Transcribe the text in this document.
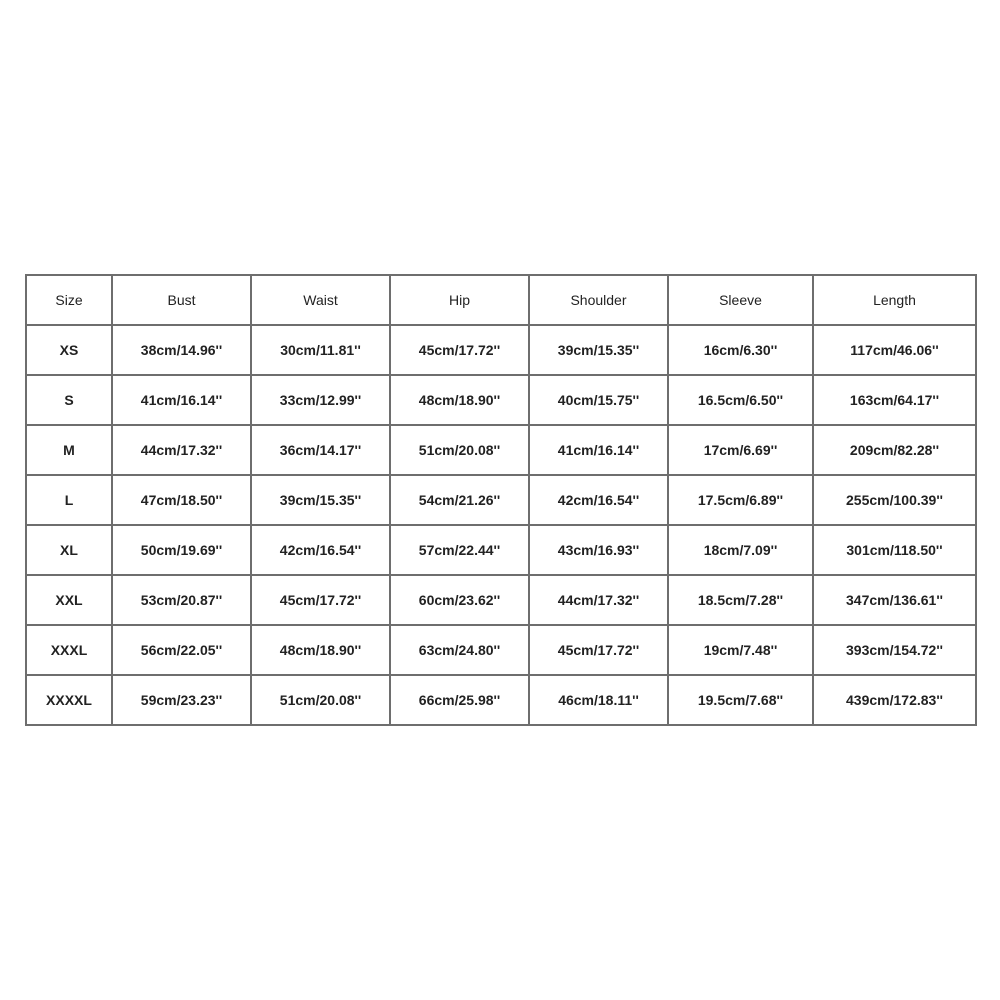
Size	Bust	Waist	Hip	Shoulder	Sleeve	Length
XS	38cm/14.96''	30cm/11.81''	45cm/17.72''	39cm/15.35''	16cm/6.30''	117cm/46.06''
S	41cm/16.14''	33cm/12.99''	48cm/18.90''	40cm/15.75''	16.5cm/6.50''	163cm/64.17''
M	44cm/17.32''	36cm/14.17''	51cm/20.08''	41cm/16.14''	17cm/6.69''	209cm/82.28''
L	47cm/18.50''	39cm/15.35''	54cm/21.26''	42cm/16.54''	17.5cm/6.89''	255cm/100.39''
XL	50cm/19.69''	42cm/16.54''	57cm/22.44''	43cm/16.93''	18cm/7.09''	301cm/118.50''
XXL	53cm/20.87''	45cm/17.72''	60cm/23.62''	44cm/17.32''	18.5cm/7.28''	347cm/136.61''
XXXL	56cm/22.05''	48cm/18.90''	63cm/24.80''	45cm/17.72''	19cm/7.48''	393cm/154.72''
XXXXL	59cm/23.23''	51cm/20.08''	66cm/25.98''	46cm/18.11''	19.5cm/7.68''	439cm/172.83''
